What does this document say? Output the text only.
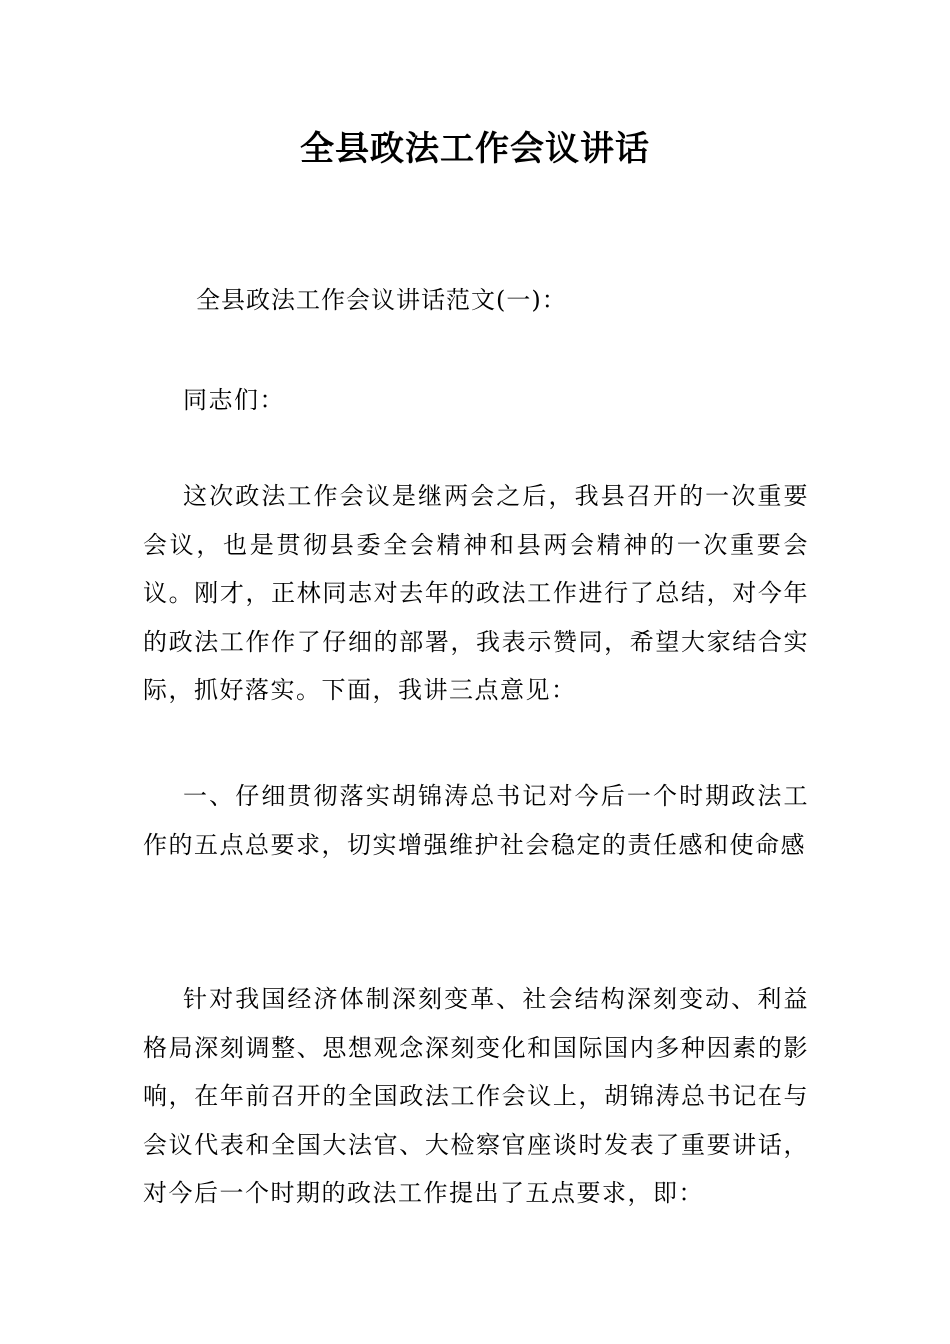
全县政法工作会议讲话

全县政法工作会议讲话范文(一)：

同志们：

这次政法工作会议是继两会之后，我县召开的一次重要会议，也是贯彻县委全会精神和县两会精神的一次重要会议。刚才，正林同志对去年的政法工作进行了总结，对今年的政法工作作了仔细的部署，我表示赞同，希望大家结合实际，抓好落实。下面，我讲三点意见：

一、仔细贯彻落实胡锦涛总书记对今后一个时期政法工作的五点总要求，切实增强维护社会稳定的责任感和使命感

针对我国经济体制深刻变革、社会结构深刻变动、利益格局深刻调整、思想观念深刻变化和国际国内多种因素的影响，在年前召开的全国政法工作会议上，胡锦涛总书记在与会议代表和全国大法官、大检察官座谈时发表了重要讲话，对今后一个时期的政法工作提出了五点要求，即：
